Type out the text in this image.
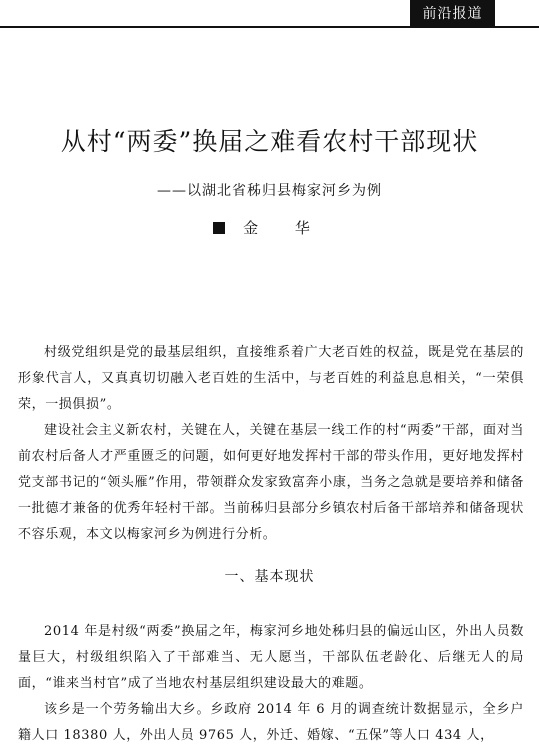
前沿报道
从村“两委”换届之难看农村干部现状
——以湖北省秭归县梅家河乡为例
金 华

村级党组织是党的最基层组织，直接维系着广大老百姓的权益，既是党在基层的形象代言人，又真真切切融入老百姓的生活中，与老百姓的利益息息相关，“一荣俱荣，一损俱损”。

建设社会主义新农村，关键在人，关键在基层一线工作的村“两委”干部，面对当前农村后备人才严重匮乏的问题，如何更好地发挥村干部的带头作用，更好地发挥村党支部书记的“领头雁”作用，带领群众发家致富奔小康，当务之急就是要培养和储备一批德才兼备的优秀年轻村干部。当前秭归县部分乡镇农村后备干部培养和储备现状不容乐观，本文以梅家河乡为例进行分析。

一、基本现状

2014 年是村级“两委”换届之年，梅家河乡地处秭归县的偏远山区，外出人员数量巨大，村级组织陷入了干部难当、无人愿当，干部队伍老龄化、后继无人的局面，“谁来当村官”成了当地农村基层组织建设最大的难题。

该乡是一个劳务输出大乡。乡政府 2014 年 6 月的调查统计数据显示，全乡户籍人口 18380 人，外出人员 9765 人，外迁、婚嫁、“五保”等人口 434 人，
